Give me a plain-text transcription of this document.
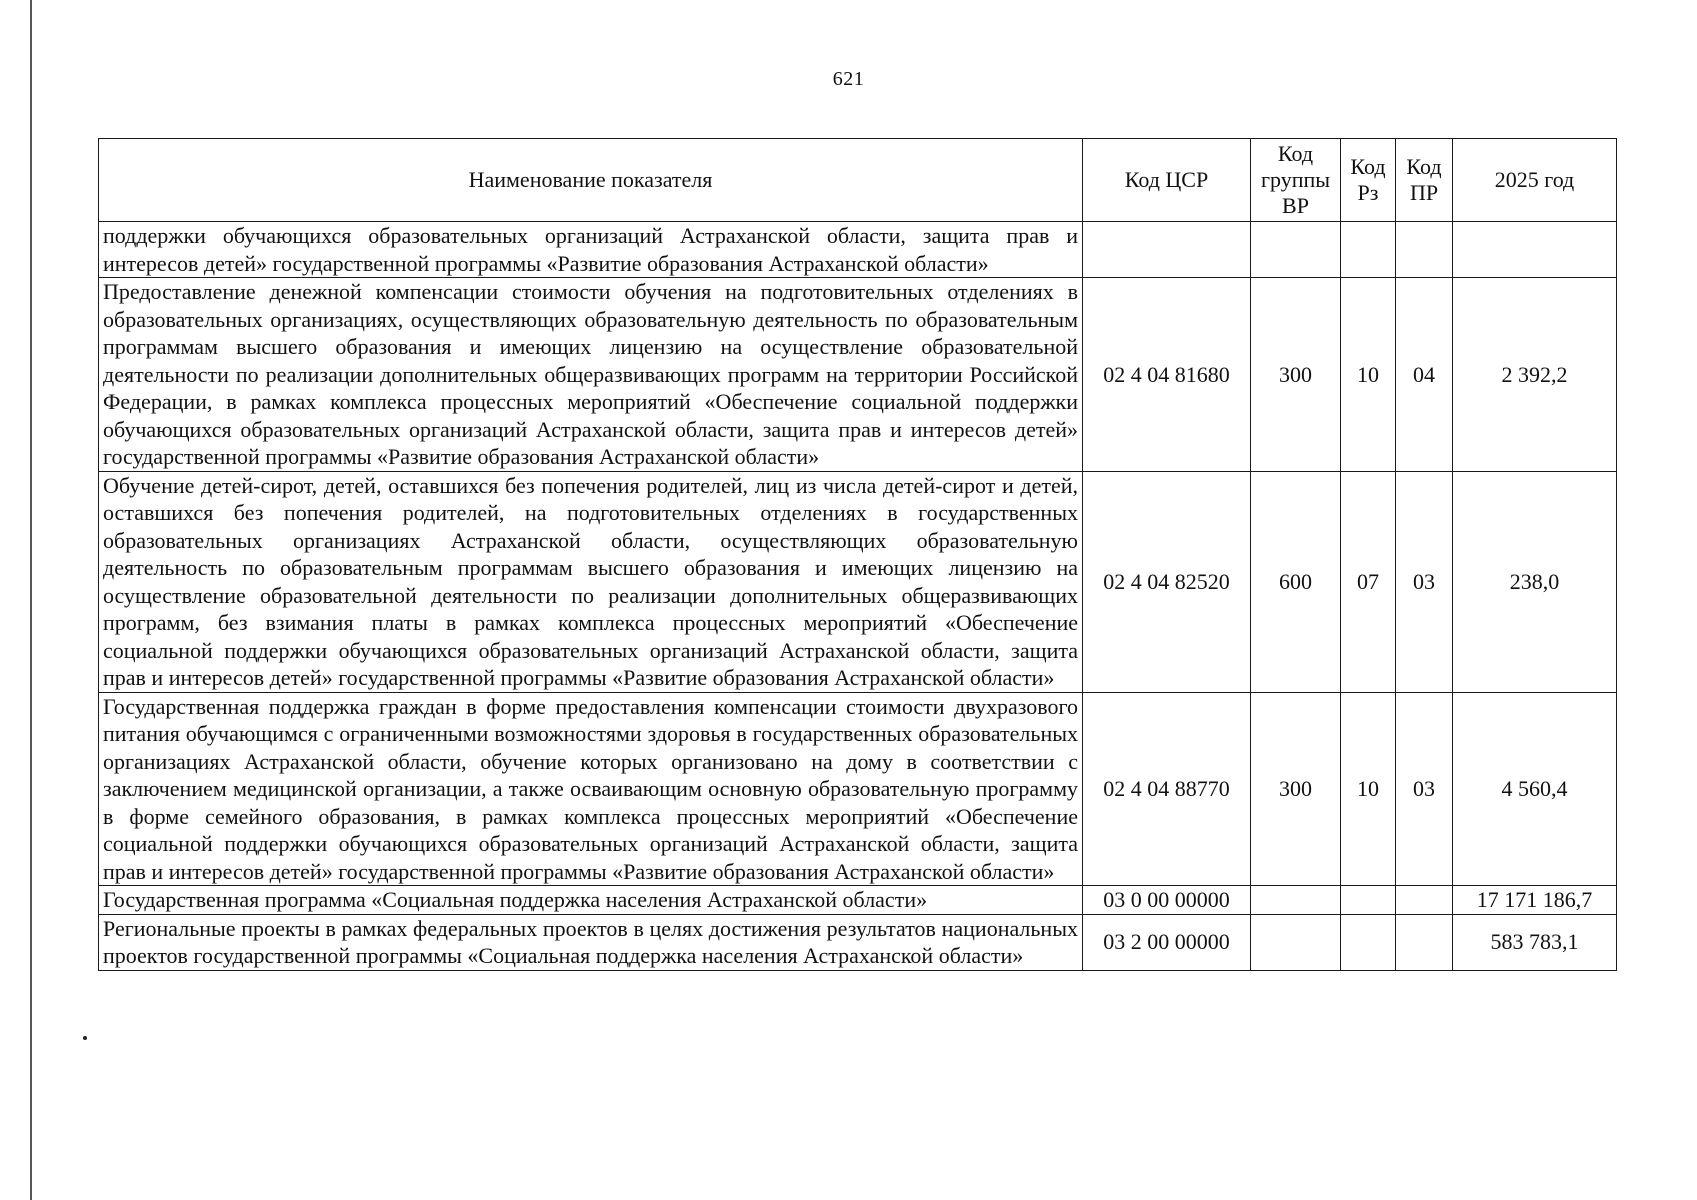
621
Наименование показателя	Код ЦСР	Код группы ВР	Код Рз	Код ПР	2025 год
поддержки обучающихся образовательных организаций Астраханской области, защита прав и интересов детей» государственной программы «Развитие образования Астраханской области»					
Предоставление денежной компенсации стоимости обучения на подготовительных отделениях в образовательных организациях, осуществляющих образовательную деятельность по образовательным программам высшего образования и имеющих лицензию на осуществление образовательной деятельности по реализации дополнительных общеразвивающих программ на территории Российской Федерации, в рамках комплекса процессных мероприятий «Обеспечение социальной поддержки обучающихся образовательных организаций Астраханской области, защита прав и интересов детей» государственной программы «Развитие образования Астраханской области»	02 4 04 81680	300	10	04	2 392,2
Обучение детей-сирот, детей, оставшихся без попечения родителей, лиц из числа детей-сирот и детей, оставшихся без попечения родителей, на подготовительных отделениях в государственных образовательных организациях Астраханской области, осуществляющих образовательную деятельность по образовательным программам высшего образования и имеющих лицензию на осуществление образовательной деятельности по реализации дополнительных общеразвивающих программ, без взимания платы в рамках комплекса процессных мероприятий «Обеспечение социальной поддержки обучающихся образовательных организаций Астраханской области, защита прав и интересов детей» государственной программы «Развитие образования Астраханской области»	02 4 04 82520	600	07	03	238,0
Государственная поддержка граждан в форме предоставления компенсации стоимости двухразового питания обучающимся с ограниченными возможностями здоровья в государственных образовательных организациях Астраханской области, обучение которых организовано на дому в соответствии с заключением медицинской организации, а также осваивающим основную образовательную программу в форме семейного образования, в рамках комплекса процессных мероприятий «Обеспечение социальной поддержки обучающихся образовательных организаций Астраханской области, защита прав и интересов детей» государственной программы «Развитие образования Астраханской области»	02 4 04 88770	300	10	03	4 560,4
Государственная программа «Социальная поддержка населения Астраханской области»	03 0 00 00000				17 171 186,7
Региональные проекты в рамках федеральных проектов в целях достижения результатов национальных проектов государственной программы «Социальная поддержка населения Астраханской области»	03 2 00 00000				583 783,1
